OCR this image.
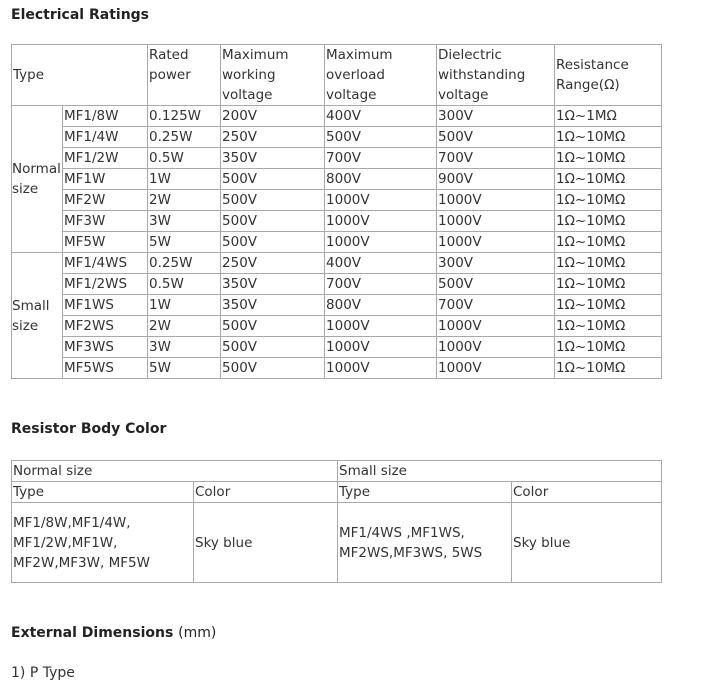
Electrical Ratings
Type		Rated power	Maximum working voltage	Maximum overload voltage	Dielectric withstanding voltage	Resistance Range(Ω)
Normal size	MF1/8W	0.125W	200V	400V	300V	1Ω~1MΩ
	MF1/4W	0.25W	250V	500V	500V	1Ω~10MΩ
	MF1/2W	0.5W	350V	700V	700V	1Ω~10MΩ
	MF1W	1W	500V	800V	900V	1Ω~10MΩ
	MF2W	2W	500V	1000V	1000V	1Ω~10MΩ
	MF3W	3W	500V	1000V	1000V	1Ω~10MΩ
	MF5W	5W	500V	1000V	1000V	1Ω~10MΩ
Small size	MF1/4WS	0.25W	250V	400V	300V	1Ω~10MΩ
	MF1/2WS	0.5W	350V	700V	500V	1Ω~10MΩ
	MF1WS	1W	350V	800V	700V	1Ω~10MΩ
	MF2WS	2W	500V	1000V	1000V	1Ω~10MΩ
	MF3WS	3W	500V	1000V	1000V	1Ω~10MΩ
	MF5WS	5W	500V	1000V	1000V	1Ω~10MΩ
Resistor Body Color
Normal size		Small size	
Type	Color	Type	Color
MF1/8W,MF1/4W, MF1/2W,MF1W, MF2W,MF3W, MF5W	Sky blue	MF1/4WS ,MF1WS, MF2WS,MF3WS, 5WS	Sky blue
External Dimensions (mm)

1) P Type
